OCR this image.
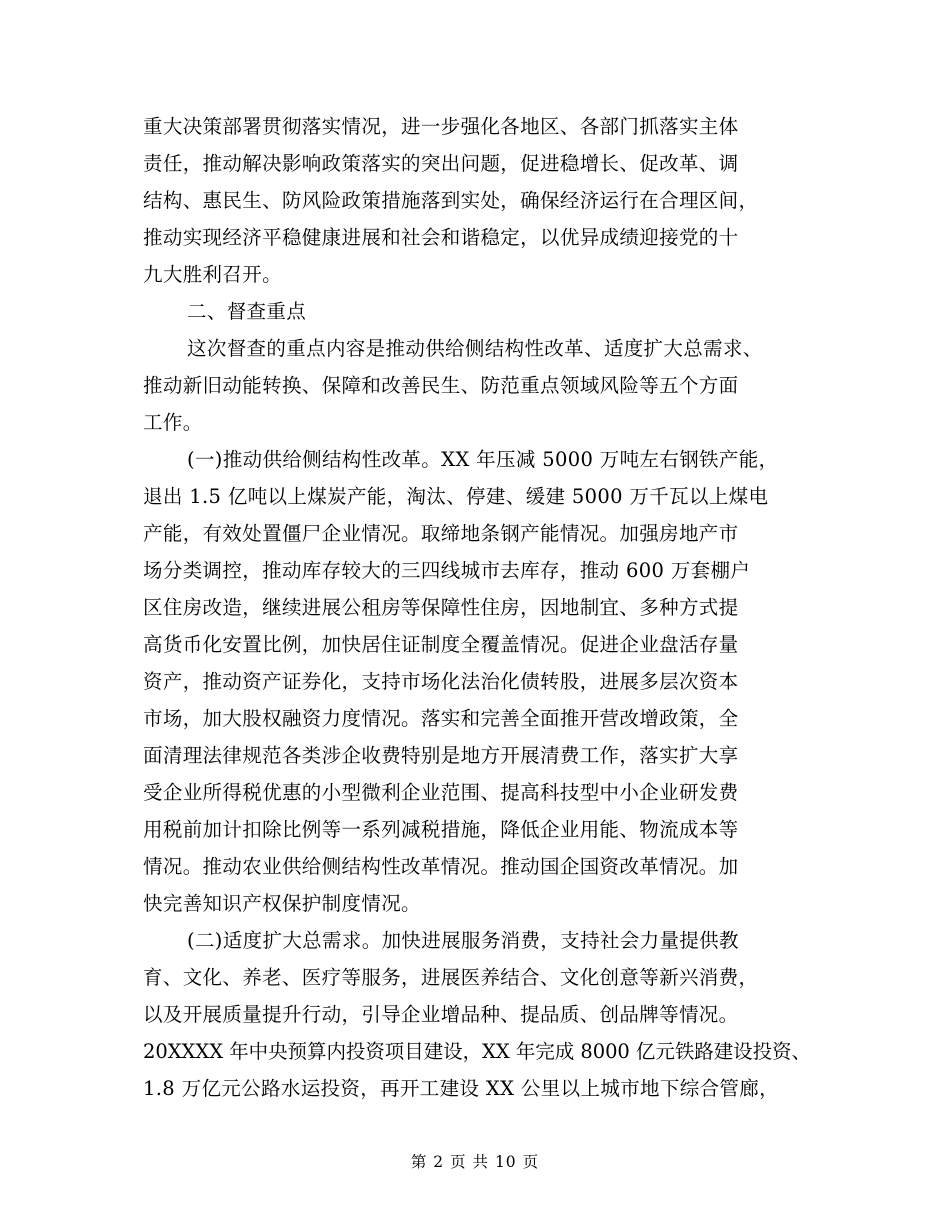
重大决策部署贯彻落实情况，进一步强化各地区、各部门抓落实主体
责任，推动解决影响政策落实的突出问题，促进稳增长、促改革、调
结构、惠民生、防风险政策措施落到实处，确保经济运行在合理区间，
推动实现经济平稳健康进展和社会和谐稳定，以优异成绩迎接党的十
九大胜利召开。
二、督查重点
这次督查的重点内容是推动供给侧结构性改革、适度扩大总需求、
推动新旧动能转换、保障和改善民生、防范重点领域风险等五个方面
工作。
(一)推动供给侧结构性改革。XX 年压减 5000 万吨左右钢铁产能，
退出 1.5 亿吨以上煤炭产能，淘汰、停建、缓建 5000 万千瓦以上煤电
产能，有效处置僵尸企业情况。取缔地条钢产能情况。加强房地产市
场分类调控，推动库存较大的三四线城市去库存，推动 600 万套棚户
区住房改造，继续进展公租房等保障性住房，因地制宜、多种方式提
高货币化安置比例，加快居住证制度全覆盖情况。促进企业盘活存量
资产，推动资产证券化，支持市场化法治化债转股，进展多层次资本
市场，加大股权融资力度情况。落实和完善全面推开营改增政策，全
面清理法律规范各类涉企收费特别是地方开展清费工作，落实扩大享
受企业所得税优惠的小型微利企业范围、提高科技型中小企业研发费
用税前加计扣除比例等一系列减税措施，降低企业用能、物流成本等
情况。推动农业供给侧结构性改革情况。推动国企国资改革情况。加
快完善知识产权保护制度情况。
(二)适度扩大总需求。加快进展服务消费，支持社会力量提供教
育、文化、养老、医疗等服务，进展医养结合、文化创意等新兴消费，
以及开展质量提升行动，引导企业增品种、提品质、创品牌等情况。
20XXXX 年中央预算内投资项目建设，XX 年完成 8000 亿元铁路建设投资、
1.8 万亿元公路水运投资，再开工建设 XX 公里以上城市地下综合管廊，
第 2 页 共 10 页
